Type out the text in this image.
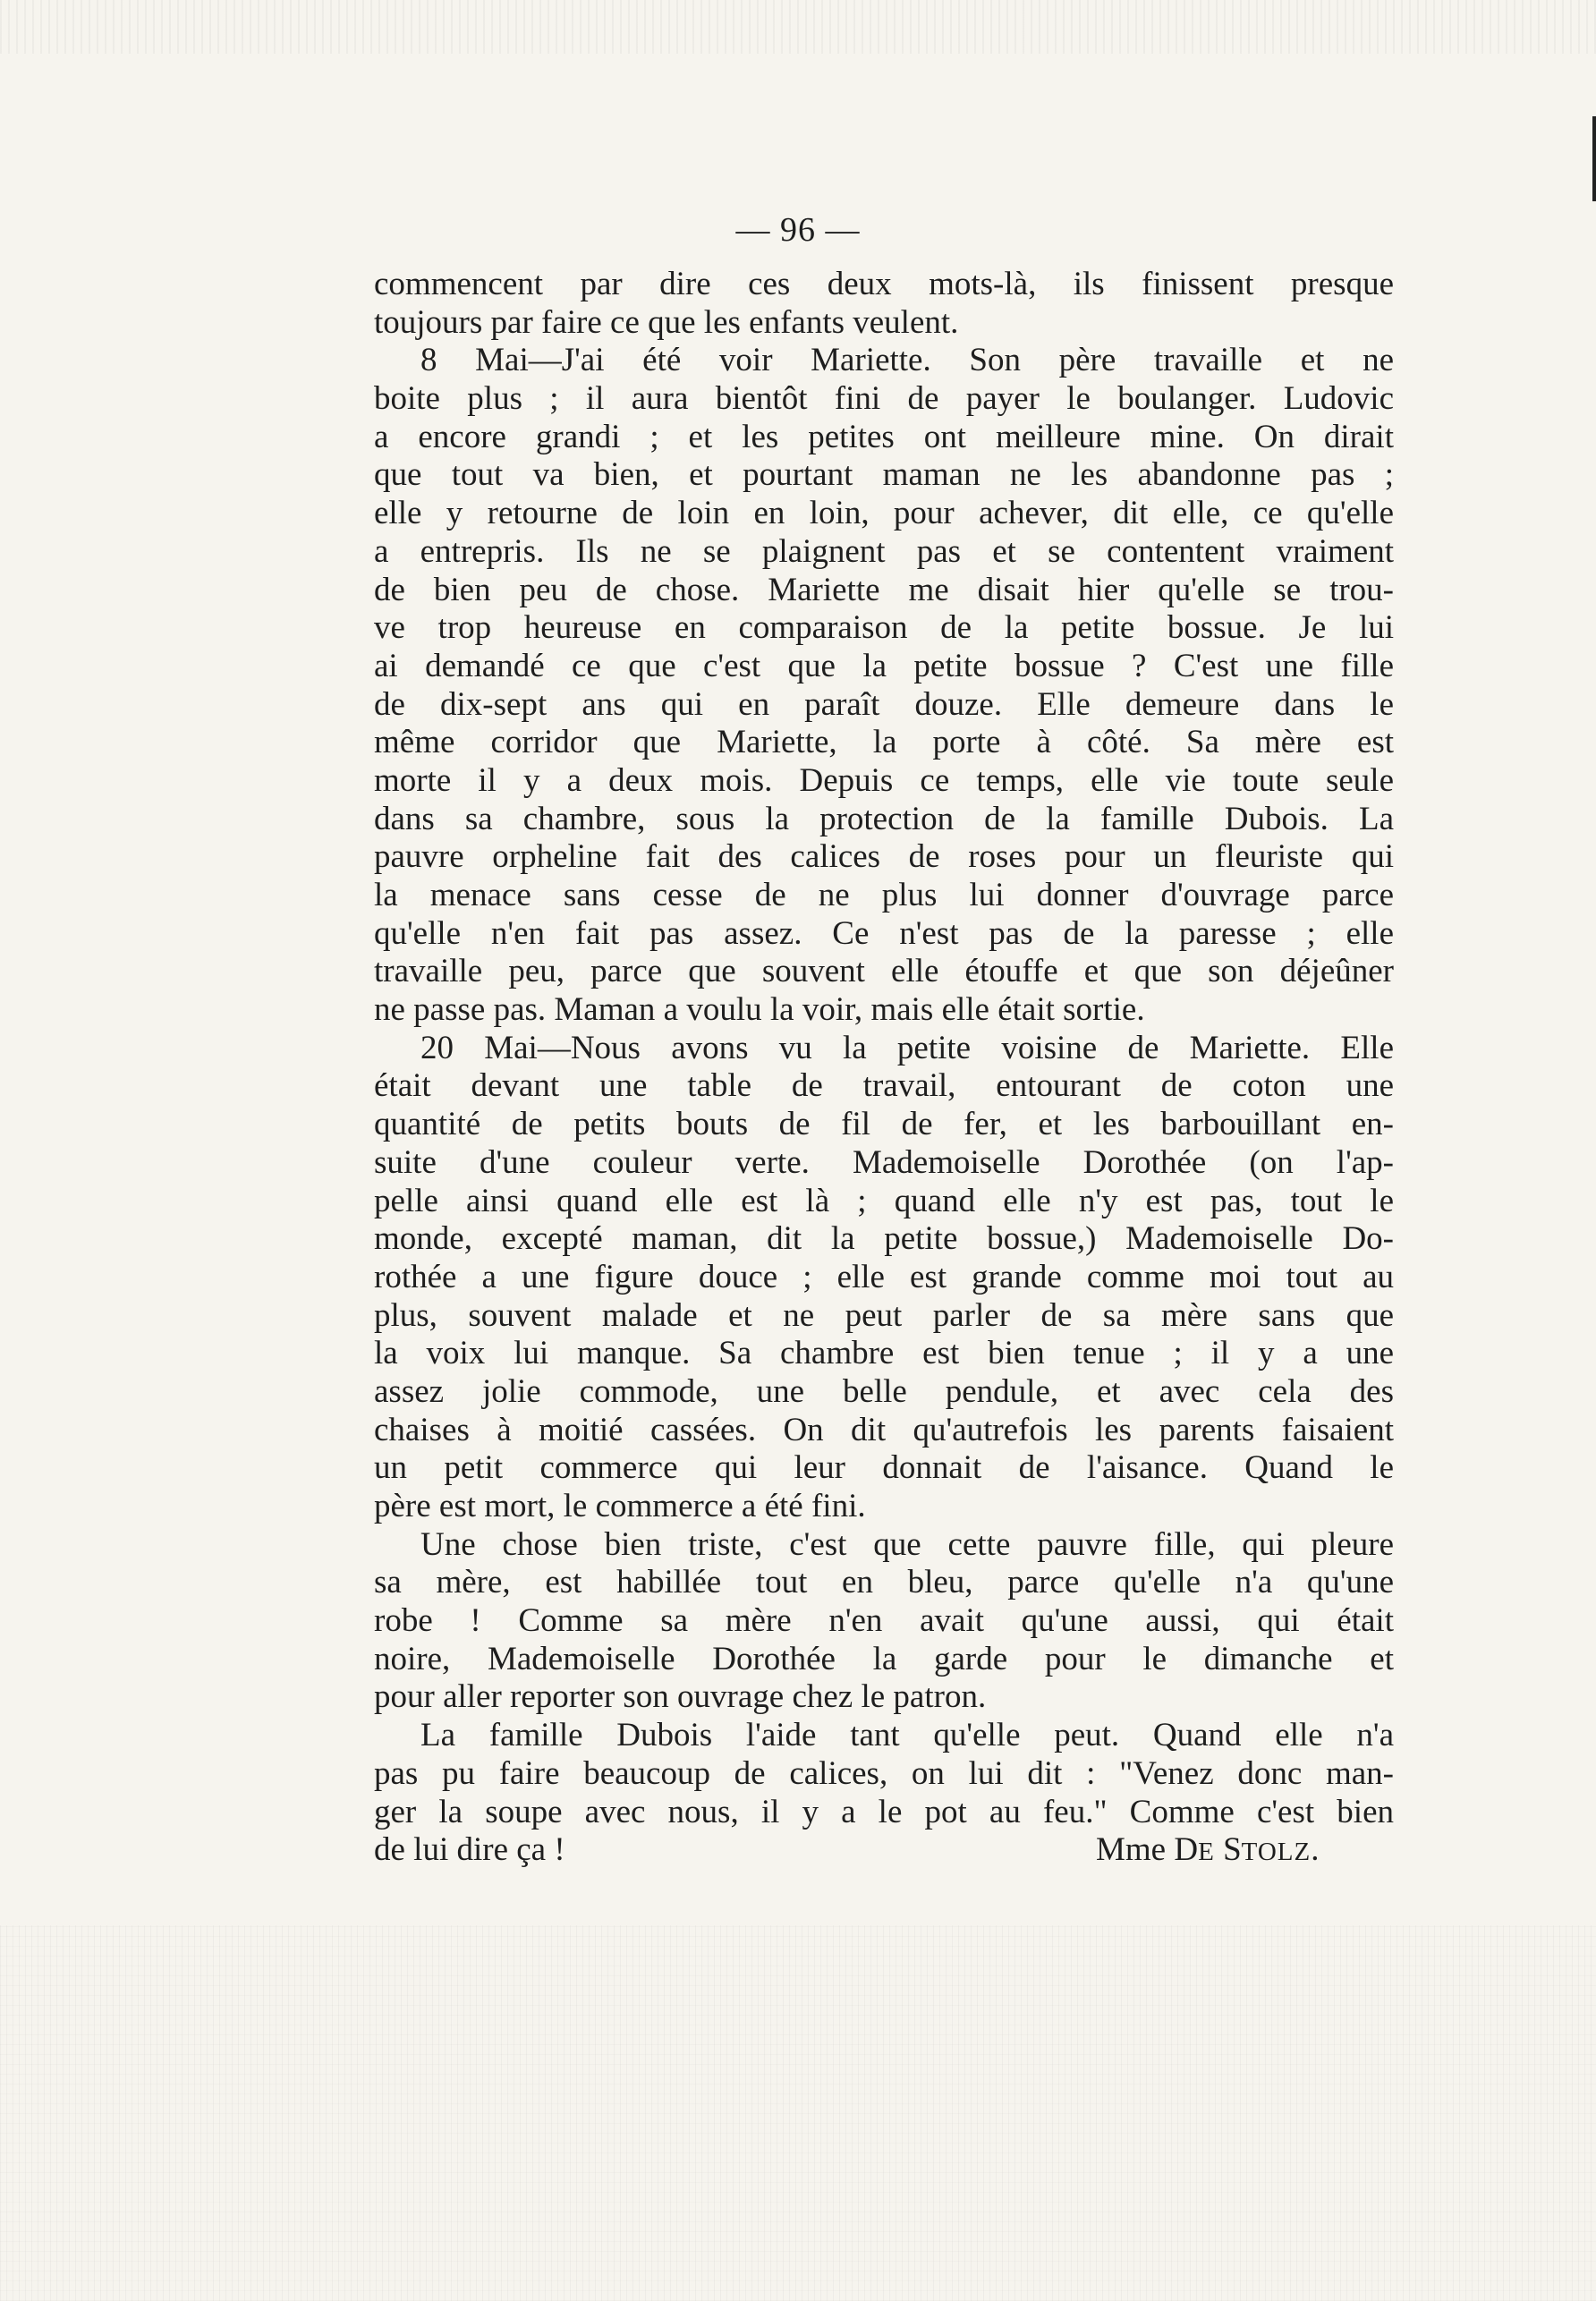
— 96 —
commencent par dire ces deux mots-là, ils finissent presque
toujours par faire ce que les enfants veulent.
8 Mai—J'ai été voir Mariette. Son père travaille et ne
boite plus ; il aura bientôt fini de payer le boulanger. Ludovic
a encore grandi ; et les petites ont meilleure mine. On dirait
que tout va bien, et pourtant maman ne les abandonne pas ;
elle y retourne de loin en loin, pour achever, dit elle, ce qu'elle
a entrepris. Ils ne se plaignent pas et se contentent vraiment
de bien peu de chose. Mariette me disait hier qu'elle se trou-
ve trop heureuse en comparaison de la petite bossue. Je lui
ai demandé ce que c'est que la petite bossue ? C'est une fille
de dix-sept ans qui en paraît douze. Elle demeure dans le
même corridor que Mariette, la porte à côté. Sa mère est
morte il y a deux mois. Depuis ce temps, elle vie toute seule
dans sa chambre, sous la protection de la famille Dubois. La
pauvre orpheline fait des calices de roses pour un fleuriste qui
la menace sans cesse de ne plus lui donner d'ouvrage parce
qu'elle n'en fait pas assez. Ce n'est pas de la paresse ; elle
travaille peu, parce que souvent elle étouffe et que son déjeûner
ne passe pas. Maman a voulu la voir, mais elle était sortie.
20 Mai—Nous avons vu la petite voisine de Mariette. Elle
était devant une table de travail, entourant de coton une
quantité de petits bouts de fil de fer, et les barbouillant en-
suite d'une couleur verte. Mademoiselle Dorothée (on l'ap-
pelle ainsi quand elle est là ; quand elle n'y est pas, tout le
monde, excepté maman, dit la petite bossue,) Mademoiselle Do-
rothée a une figure douce ; elle est grande comme moi tout au
plus, souvent malade et ne peut parler de sa mère sans que
la voix lui manque. Sa chambre est bien tenue ; il y a une
assez jolie commode, une belle pendule, et avec cela des
chaises à moitié cassées. On dit qu'autrefois les parents faisaient
un petit commerce qui leur donnait de l'aisance. Quand le
père est mort, le commerce a été fini.
Une chose bien triste, c'est que cette pauvre fille, qui pleure
sa mère, est habillée tout en bleu, parce qu'elle n'a qu'une
robe ! Comme sa mère n'en avait qu'une aussi, qui était
noire, Mademoiselle Dorothée la garde pour le dimanche et
pour aller reporter son ouvrage chez le patron.
La famille Dubois l'aide tant qu'elle peut. Quand elle n'a
pas pu faire beaucoup de calices, on lui dit : "Venez donc man-
ger la soupe avec nous, il y a le pot au feu." Comme c'est bien
de lui dire ça !	Mme DE STOLZ.
